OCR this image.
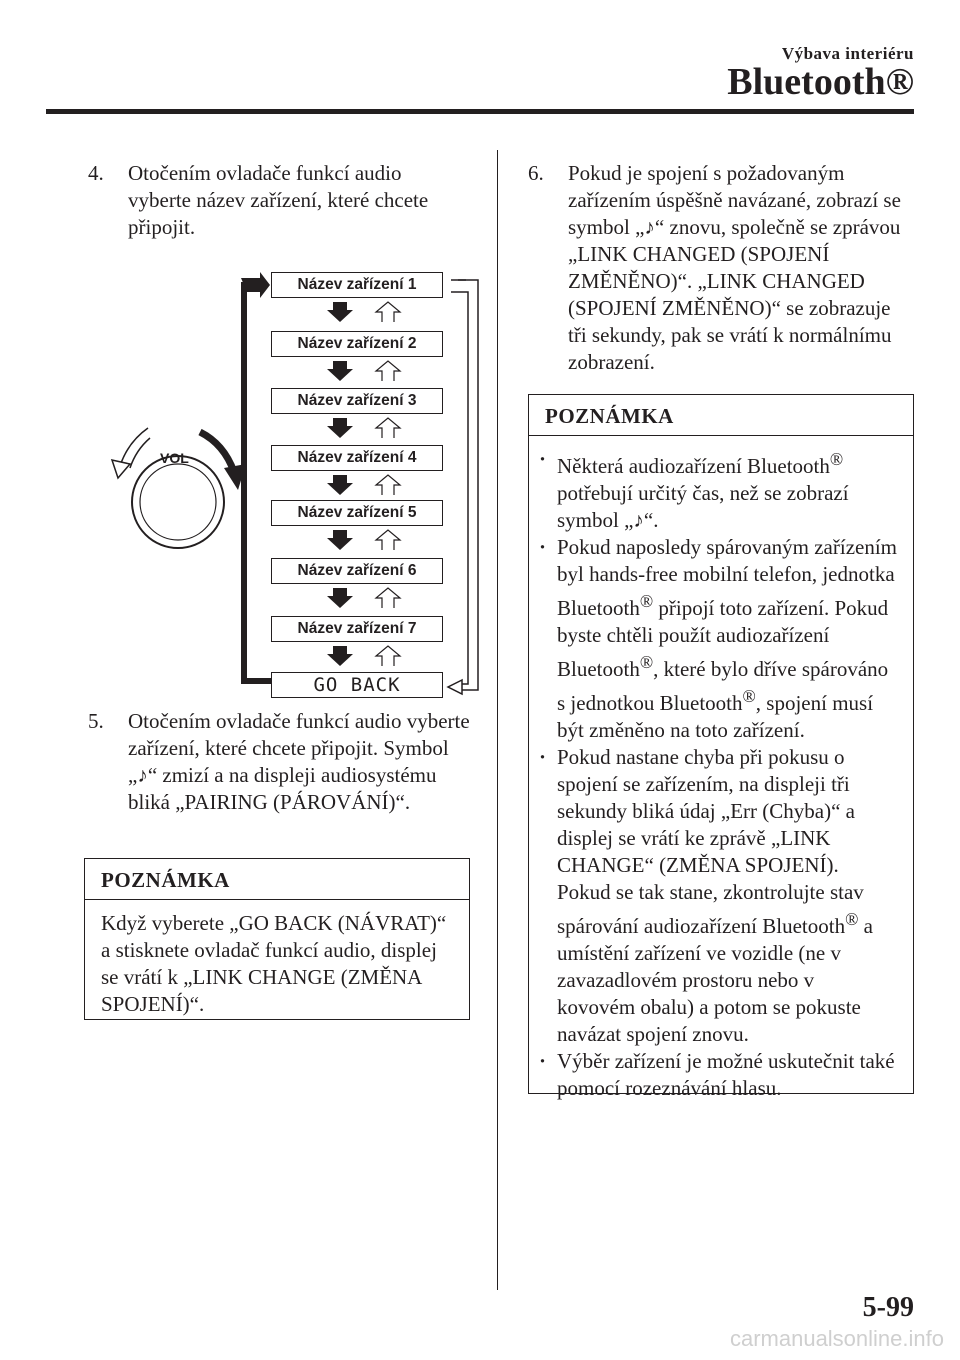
Výbava interiéru
Bluetooth®
4. Otočením ovladače funkcí audio vyberte název zařízení, které chcete připojit.
VOL
Název zařízení 1
Název zařízení 2
Název zařízení 3
Název zařízení 4
Název zařízení 5
Název zařízení 6
Název zařízení 7
GO BACK
5. Otočením ovladače funkcí audio vyberte zařízení, které chcete připojit. Symbol „♪“ zmizí a na displeji audiosystému bliká „PAIRING (PÁROVÁNÍ)“.
POZNÁMKA
Když vyberete „GO BACK (NÁVRAT)“ a stisknete ovladač funkcí audio, displej se vrátí k „LINK CHANGE (ZMĚNA SPOJENÍ)“.
6. Pokud je spojení s požadovaným zařízením úspěšně navázané, zobrazí se symbol „♪“ znovu, společně se zprávou „LINK CHANGED (SPOJENÍ ZMĚNĚNO)“. „LINK CHANGED (SPOJENÍ ZMĚNĚNO)“ se zobrazuje tři sekundy, pak se vrátí k normálnímu zobrazení.
POZNÁMKA
· Některá audiozařízení Bluetooth® potřebují určitý čas, než se zobrazí symbol „♪“.
· Pokud naposledy spárovaným zařízením byl hands-free mobilní telefon, jednotka Bluetooth® připojí toto zařízení. Pokud byste chtěli použít audiozařízení Bluetooth®, které bylo dříve spárováno s jednotkou Bluetooth®, spojení musí být změněno na toto zařízení.
· Pokud nastane chyba při pokusu o spojení se zařízením, na displeji tři sekundy bliká údaj „Err (Chyba)“ a displej se vrátí ke zprávě „LINK CHANGE“ (ZMĚNA SPOJENÍ). Pokud se tak stane, zkontrolujte stav spárování audiozařízení Bluetooth® a umístění zařízení ve vozidle (ne v zavazadlovém prostoru nebo v kovovém obalu) a potom se pokuste navázat spojení znovu.
· Výběr zařízení je možné uskutečnit také pomocí rozeznávání hlasu.
5-99
carmanualsonline.info
